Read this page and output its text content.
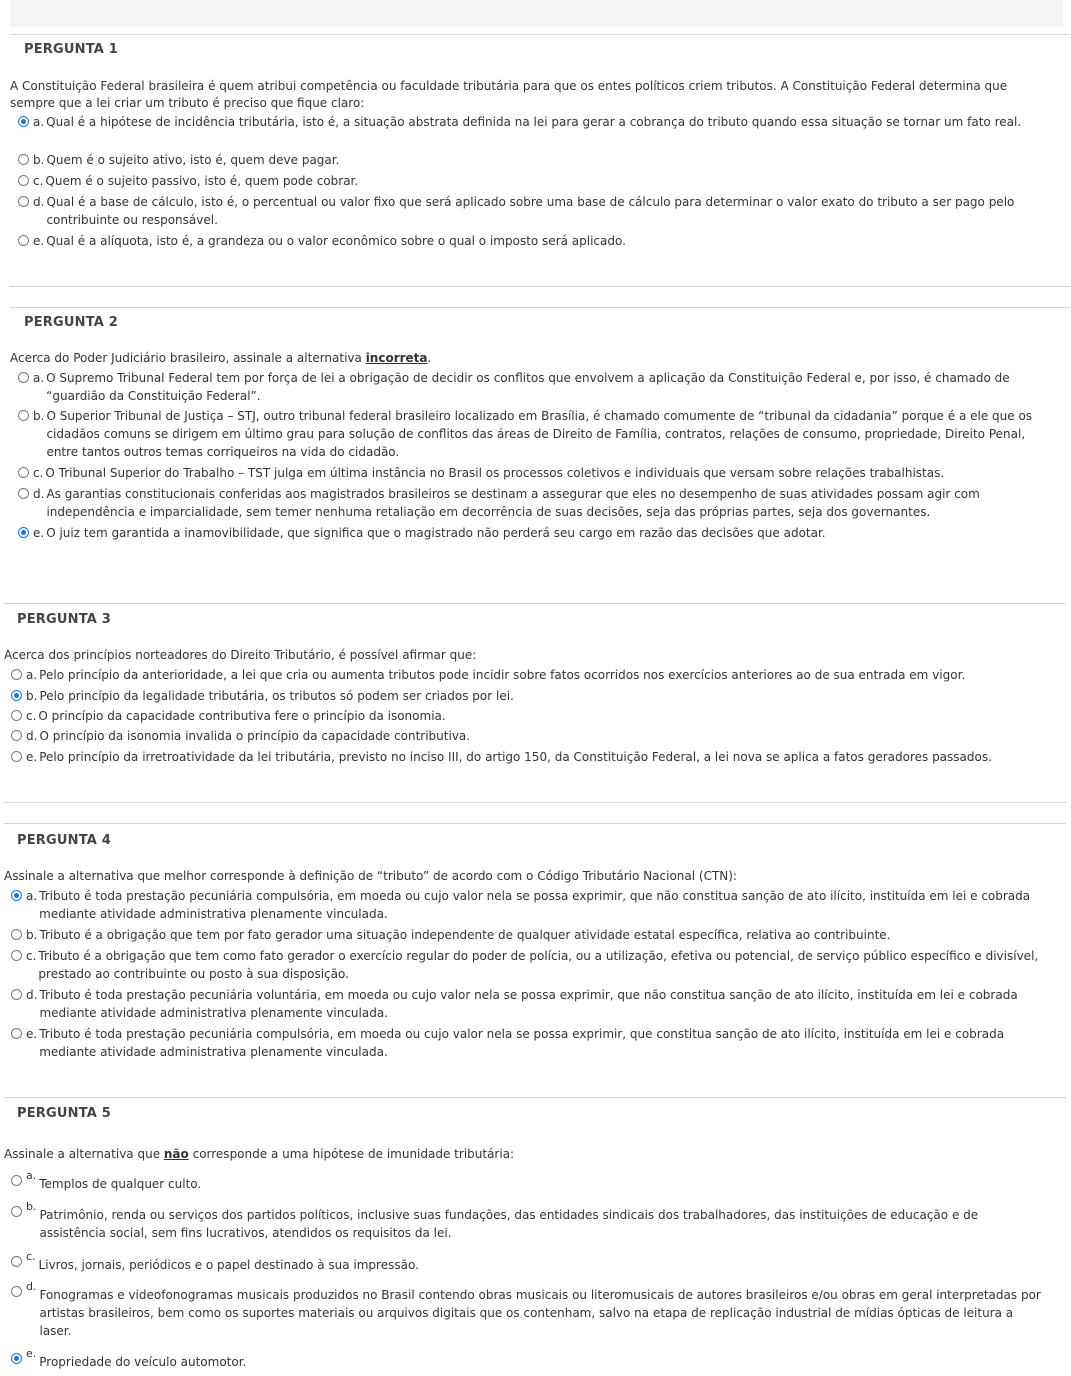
PERGUNTA 1
A Constituição Federal brasileira é quem atribui competência ou faculdade tributária para que os entes políticos criem tributos. A Constituição Federal determina que sempre que a lei criar um tributo é preciso que fique claro:
a. Qual é a hipótese de incidência tributária, isto é, a situação abstrata definida na lei para gerar a cobrança do tributo quando essa situação se tornar um fato real.
b. Quem é o sujeito ativo, isto é, quem deve pagar.
c. Quem é o sujeito passivo, isto é, quem pode cobrar.
d. Qual é a base de cálculo, isto é, o percentual ou valor fixo que será aplicado sobre uma base de cálculo para determinar o valor exato do tributo a ser pago pelo contribuinte ou responsável.
e. Qual é a alíquota, isto é, a grandeza ou o valor econômico sobre o qual o imposto será aplicado.
PERGUNTA 2
Acerca do Poder Judiciário brasileiro, assinale a alternativa incorreta.
a. O Supremo Tribunal Federal tem por força de lei a obrigação de decidir os conflitos que envolvem a aplicação da Constituição Federal e, por isso, é chamado de “guardião da Constituição Federal”.
b. O Superior Tribunal de Justiça – STJ, outro tribunal federal brasileiro localizado em Brasília, é chamado comumente de “tribunal da cidadania” porque é a ele que os cidadãos comuns se dirigem em último grau para solução de conflitos das áreas de Direito de Família, contratos, relações de consumo, propriedade, Direito Penal, entre tantos outros temas corriqueiros na vida do cidadão.
c. O Tribunal Superior do Trabalho – TST julga em última instância no Brasil os processos coletivos e individuais que versam sobre relações trabalhistas.
d. As garantias constitucionais conferidas aos magistrados brasileiros se destinam a assegurar que eles no desempenho de suas atividades possam agir com independência e imparcialidade, sem temer nenhuma retaliação em decorrência de suas decisões, seja das próprias partes, seja dos governantes.
e. O juiz tem garantida a inamovibilidade, que significa que o magistrado não perderá seu cargo em razão das decisões que adotar.
PERGUNTA 3
Acerca dos princípios norteadores do Direito Tributário, é possível afirmar que:
a. Pelo princípio da anterioridade, a lei que cria ou aumenta tributos pode incidir sobre fatos ocorridos nos exercícios anteriores ao de sua entrada em vigor.
b. Pelo princípio da legalidade tributária, os tributos só podem ser criados por lei.
c. O princípio da capacidade contributiva fere o princípio da isonomia.
d. O princípio da isonomia invalida o princípio da capacidade contributiva.
e. Pelo princípio da irretroatividade da lei tributária, previsto no inciso III, do artigo 150, da Constituição Federal, a lei nova se aplica a fatos geradores passados.
PERGUNTA 4
Assinale a alternativa que melhor corresponde à definição de “tributo” de acordo com o Código Tributário Nacional (CTN):
a. Tributo é toda prestação pecuniária compulsória, em moeda ou cujo valor nela se possa exprimir, que não constitua sanção de ato ilícito, instituída em lei e cobrada mediante atividade administrativa plenamente vinculada.
b. Tributo é a obrigação que tem por fato gerador uma situação independente de qualquer atividade estatal específica, relativa ao contribuinte.
c. Tributo é a obrigação que tem como fato gerador o exercício regular do poder de polícia, ou a utilização, efetiva ou potencial, de serviço público específico e divisível, prestado ao contribuinte ou posto à sua disposição.
d. Tributo é toda prestação pecuniária voluntária, em moeda ou cujo valor nela se possa exprimir, que não constitua sanção de ato ilícito, instituída em lei e cobrada mediante atividade administrativa plenamente vinculada.
e. Tributo é toda prestação pecuniária compulsória, em moeda ou cujo valor nela se possa exprimir, que constitua sanção de ato ilícito, instituída em lei e cobrada mediante atividade administrativa plenamente vinculada.
PERGUNTA 5
Assinale a alternativa que não corresponde a uma hipótese de imunidade tributária:
a.
Templos de qualquer culto.
b.
Patrimônio, renda ou serviços dos partidos políticos, inclusive suas fundações, das entidades sindicais dos trabalhadores, das instituições de educação e de assistência social, sem fins lucrativos, atendidos os requisitos da lei.
c.
Livros, jornais, periódicos e o papel destinado à sua impressão.
d.
Fonogramas e videofonogramas musicais produzidos no Brasil contendo obras musicais ou literomusicais de autores brasileiros e/ou obras em geral interpretadas por artistas brasileiros, bem como os suportes materiais ou arquivos digitais que os contenham, salvo na etapa de replicação industrial de mídias ópticas de leitura a laser.
e.
Propriedade do veículo automotor.
